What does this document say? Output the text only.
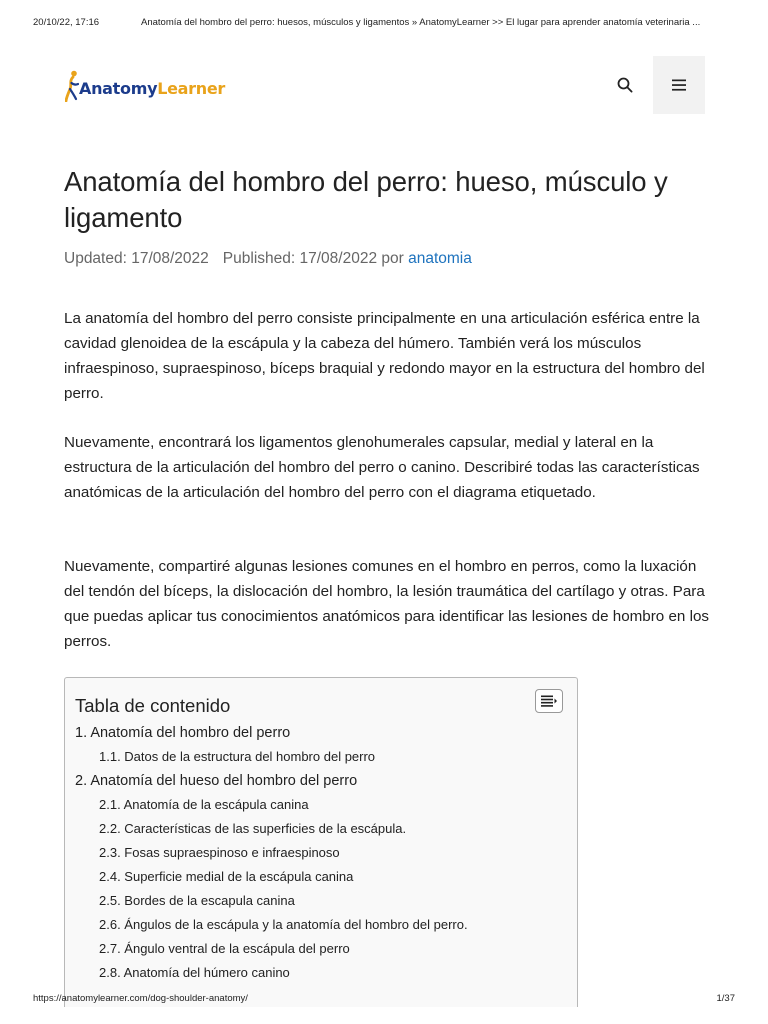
20/10/22, 17:16	Anatomía del hombro del perro: huesos, músculos y ligamentos » AnatomyLearner >> El lugar para aprender anatomía veterinaria ...
AnatomyLearner
Anatomía del hombro del perro: hueso, músculo y ligamento
Updated: 17/08/2022 Published: 17/08/2022 por anatomia

La anatomía del hombro del perro consiste principalmente en una articulación esférica entre la cavidad glenoidea de la escápula y la cabeza del húmero. También verá los músculos infraespinoso, supraespinoso, bíceps braquial y redondo mayor en la estructura del hombro del perro.

Nuevamente, encontrará los ligamentos glenohumerales capsular, medial y lateral en la estructura de la articulación del hombro del perro o canino. Describiré todas las características anatómicas de la articulación del hombro del perro con el diagrama etiquetado.

Nuevamente, compartiré algunas lesiones comunes en el hombro en perros, como la luxación del tendón del bíceps, la dislocación del hombro, la lesión traumática del cartílago y otras. Para que puedas aplicar tus conocimientos anatómicos para identificar las lesiones de hombro en los perros.

Tabla de contenido
1. Anatomía del hombro del perro
1.1. Datos de la estructura del hombro del perro
2. Anatomía del hueso del hombro del perro
2.1. Anatomía de la escápula canina
2.2. Características de las superficies de la escápula.
2.3. Fosas supraespinoso e infraespinoso
2.4. Superficie medial de la escápula canina
2.5. Bordes de la escapula canina
2.6. Ángulos de la escápula y la anatomía del hombro del perro.
2.7. Ángulo ventral de la escápula del perro
2.8. Anatomía del húmero canino
https://anatomylearner.com/dog-shoulder-anatomy/	1/37
